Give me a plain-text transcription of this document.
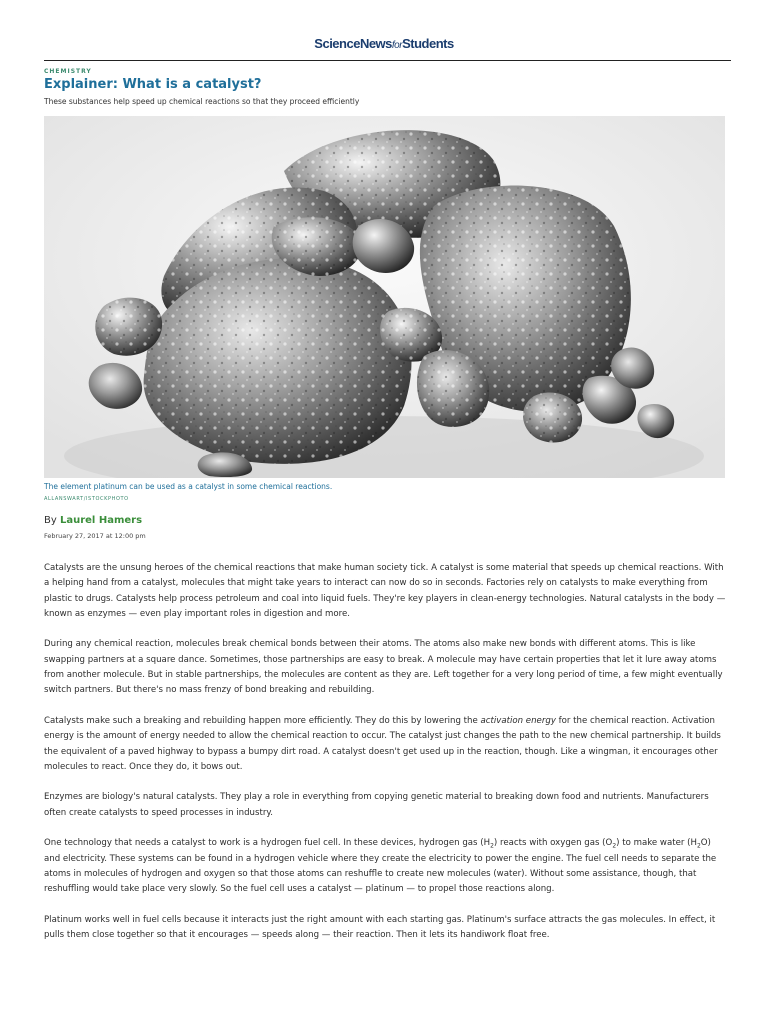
ScienceNewsforStudents
CHEMISTRY
Explainer: What is a catalyst?
These substances help speed up chemical reactions so that they proceed efficiently
The element platinum can be used as a catalyst in some chemical reactions.
ALLANSWART/ISTOCKPHOTO
By Laurel Hamers
February 27, 2017 at 12:00 pm

Catalysts are the unsung heroes of the chemical reactions that make human society tick. A catalyst is some material that speeds up chemical reactions. With a helping hand from a catalyst, molecules that might take years to interact can now do so in seconds. Factories rely on catalysts to make everything from plastic to drugs. Catalysts help process petroleum and coal into liquid fuels. They're key players in clean-energy technologies. Natural catalysts in the body — known as enzymes — even play important roles in digestion and more.

During any chemical reaction, molecules break chemical bonds between their atoms. The atoms also make new bonds with different atoms. This is like swapping partners at a square dance. Sometimes, those partnerships are easy to break. A molecule may have certain properties that let it lure away atoms from another molecule. But in stable partnerships, the molecules are content as they are. Left together for a very long period of time, a few might eventually switch partners. But there's no mass frenzy of bond breaking and rebuilding.

Catalysts make such a breaking and rebuilding happen more efficiently. They do this by lowering the activation energy for the chemical reaction. Activation energy is the amount of energy needed to allow the chemical reaction to occur. The catalyst just changes the path to the new chemical partnership. It builds the equivalent of a paved highway to bypass a bumpy dirt road. A catalyst doesn't get used up in the reaction, though. Like a wingman, it encourages other molecules to react. Once they do, it bows out.

Enzymes are biology's natural catalysts. They play a role in everything from copying genetic material to breaking down food and nutrients. Manufacturers often create catalysts to speed processes in industry.

One technology that needs a catalyst to work is a hydrogen fuel cell. In these devices, hydrogen gas $(H_2)$ reacts with oxygen gas $(O_2)$ to make water $(H_2O)$ and electricity. These systems can be found in a hydrogen vehicle where they create the electricity to power the engine. The fuel cell needs to separate the atoms in molecules of hydrogen and oxygen so that those atoms can reshuffle to create new molecules (water). Without some assistance, though, that reshuffling would take place very slowly. So the fuel cell uses a catalyst — platinum — to propel those reactions along.

Platinum works well in fuel cells because it interacts just the right amount with each starting gas. Platinum's surface attracts the gas molecules. In effect, it pulls them close together so that it encourages — speeds along — their reaction. Then it lets its handiwork float free.
